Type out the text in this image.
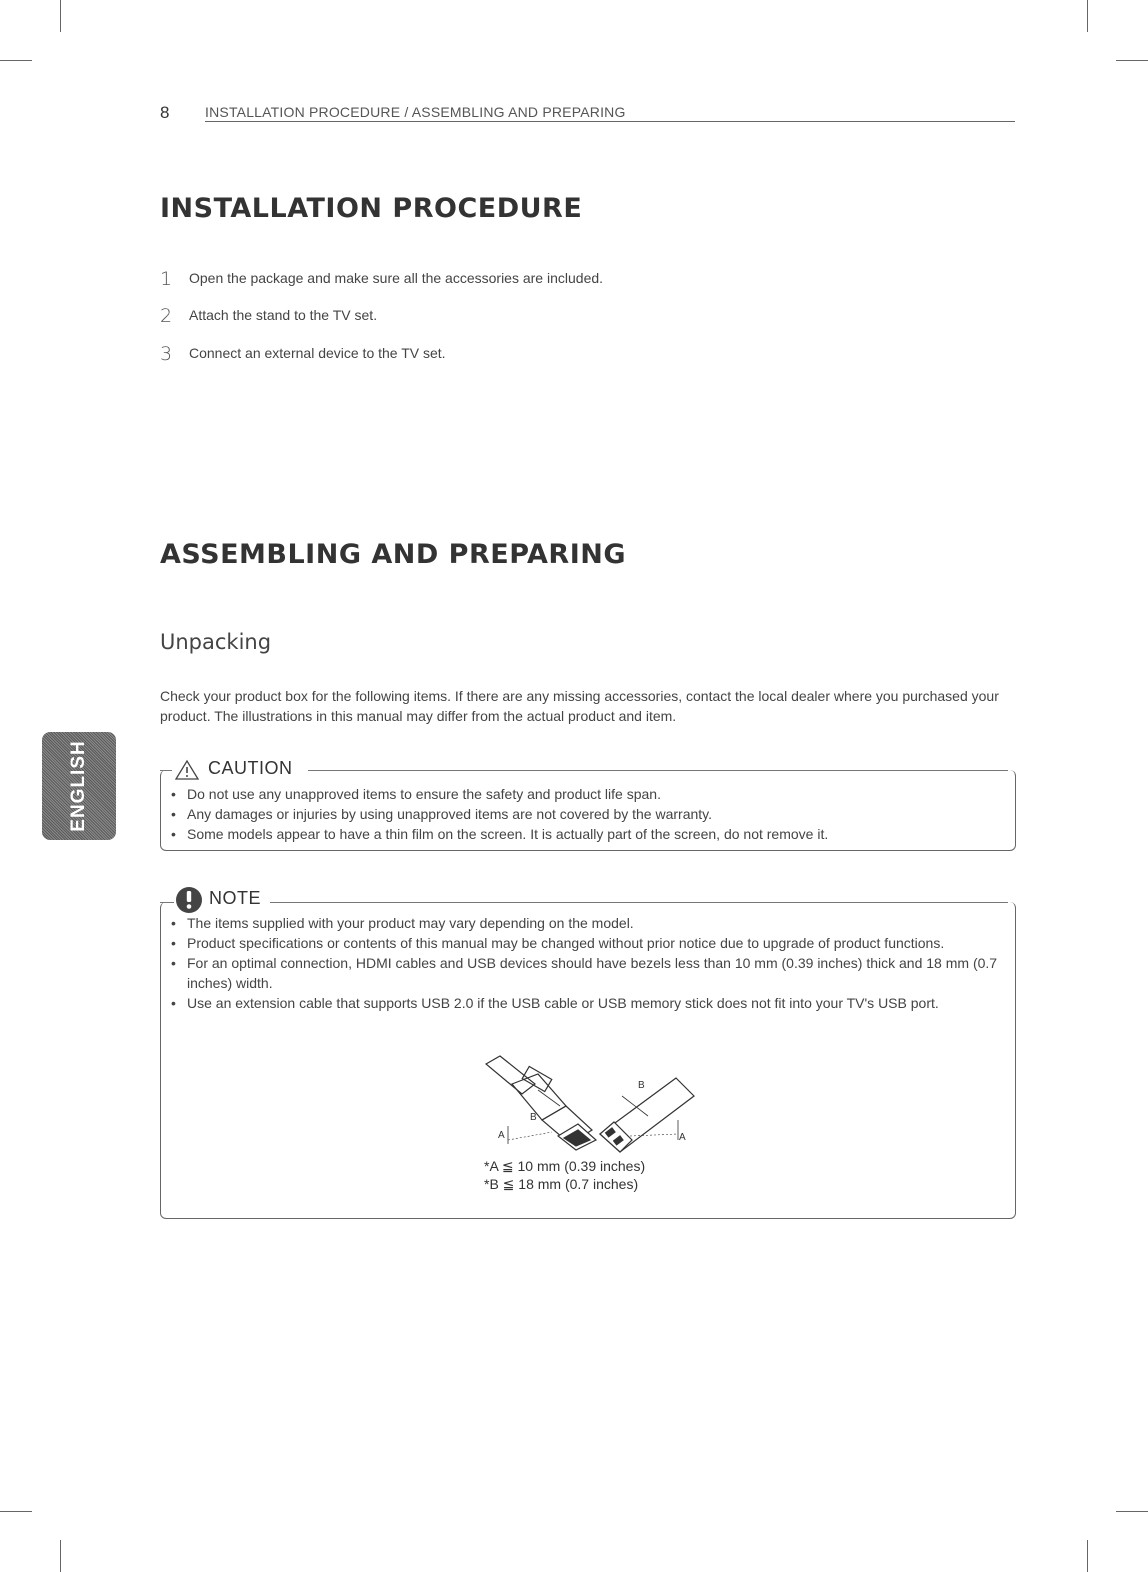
8	INSTALLATION PROCEDURE / ASSEMBLING AND PREPARING
INSTALLATION PROCEDURE
1 Open the package and make sure all the accessories are included.
2 Attach the stand to the TV set.
3 Connect an external device to the TV set.
ASSEMBLING AND PREPARING
Unpacking
Check your product box for the following items. If there are any missing accessories, contact the local dealer where you purchased your product. The illustrations in this manual may differ from the actual product and item.
ENGLISH	CAUTION
• Do not use any unapproved items to ensure the safety and product life span.
• Any damages or injuries by using unapproved items are not covered by the warranty.
• Some models appear to have a thin film on the screen. It is actually part of the screen, do not remove it.
NOTE
• The items supplied with your product may vary depending on the model.
• Product specifications or contents of this manual may be changed without prior notice due to upgrade of product functions.
• For an optimal connection, HDMI cables and USB devices should have bezels less than 10 mm (0.39 inches) thick and 18 mm (0.7 inches) width.
• Use an extension cable that supports USB 2.0 if the USB cable or USB memory stick does not fit into your TV's USB port.
A
B
A
B
*A ≦ 10 mm (0.39 inches)
*B ≦ 18 mm (0.7 inches)
